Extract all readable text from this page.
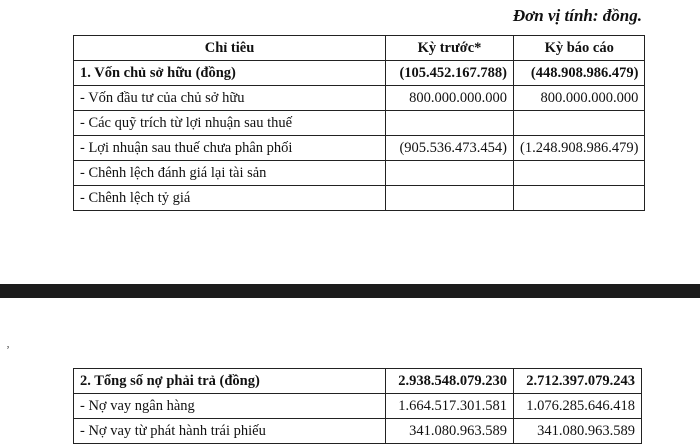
Đơn vị tính: đồng.
Chỉ tiêu	Kỳ trước*	Kỳ báo cáo
1. Vốn chủ sở hữu (đồng)	(105.452.167.788)	(448.908.986.479)
- Vốn đầu tư của chủ sở hữu	800.000.000.000	800.000.000.000
- Các quỹ trích từ lợi nhuận sau thuế		
- Lợi nhuận sau thuế chưa phân phối	(905.536.473.454)	(1.248.908.986.479)
- Chênh lệch đánh giá lại tài sản		
- Chênh lệch tỷ giá		
ʼ
2. Tổng số nợ phải trả (đồng)	2.938.548.079.230	2.712.397.079.243
- Nợ vay ngân hàng	1.664.517.301.581	1.076.285.646.418
- Nợ vay từ phát hành trái phiếu	341.080.963.589	341.080.963.589
